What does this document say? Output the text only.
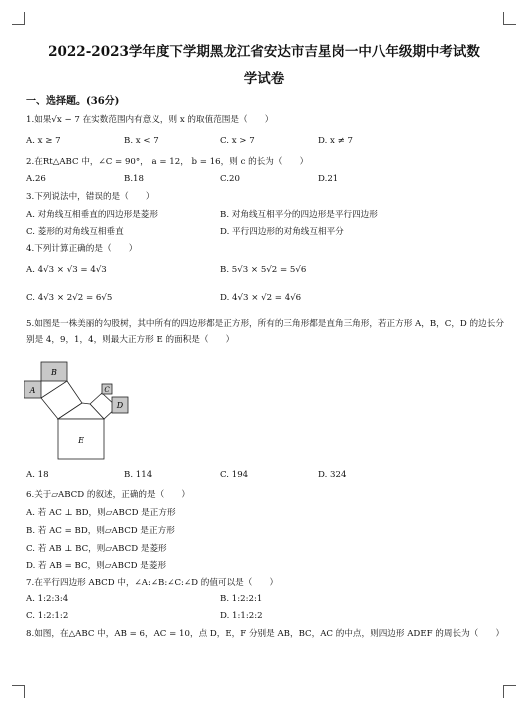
2022-2023学年度下学期黑龙江省安达市吉星岗一中八年级期中考试数
学试卷
一、选择题。(36分)
1.如果√x − 7 在实数范围内有意义，则 x 的取值范围是（　　）
A. x ≥ 7	B. x < 7	C. x > 7	D. x ≠ 7
2.在Rt△ABC 中，∠C = 90°， a = 12， b = 16，则 c 的长为（　　）
A.26	B.18	C.20	D.21
3.下列说法中，错误的是（　　）
A. 对角线互相垂直的四边形是菱形	B. 对角线互相平分的四边形是平行四边形
C. 菱形的对角线互相垂直	D. 平行四边形的对角线互相平分
4.下列计算正确的是（　　）
A. 4√3 × √3 = 4√3	B. 5√3 × 5√2 = 5√6
C. 4√3 × 2√2 = 6√5	D. 4√3 × √2 = 4√6
5.如图是一株美丽的勾股树，其中所有的四边形都是正方形，所有的三角形都是直角三角形，若正方形 A，B，C，D 的边长分别是 4，9，1，4，则最大正方形 E 的面积是（　　）
A
B
C
D
E
A. 18	B. 114	C. 194	D. 324
6.关于▱ABCD 的叙述，正确的是（　　）
A. 若 AC ⊥ BD，则▱ABCD 是正方形
B. 若 AC = BD，则▱ABCD 是正方形
C. 若 AB ⊥ BC，则▱ABCD 是菱形
D. 若 AB = BC，则▱ABCD 是菱形
7.在平行四边形 ABCD 中，∠A:∠B:∠C:∠D 的值可以是（　　）
A. 1:2:3:4	B. 1:2:2:1
C. 1:2:1:2	D. 1:1:2:2
8.如图，在△ABC 中，AB = 6，AC = 10，点 D，E，F 分别是 AB，BC，AC 的中点，则四边形 ADEF 的周长为（　　）
